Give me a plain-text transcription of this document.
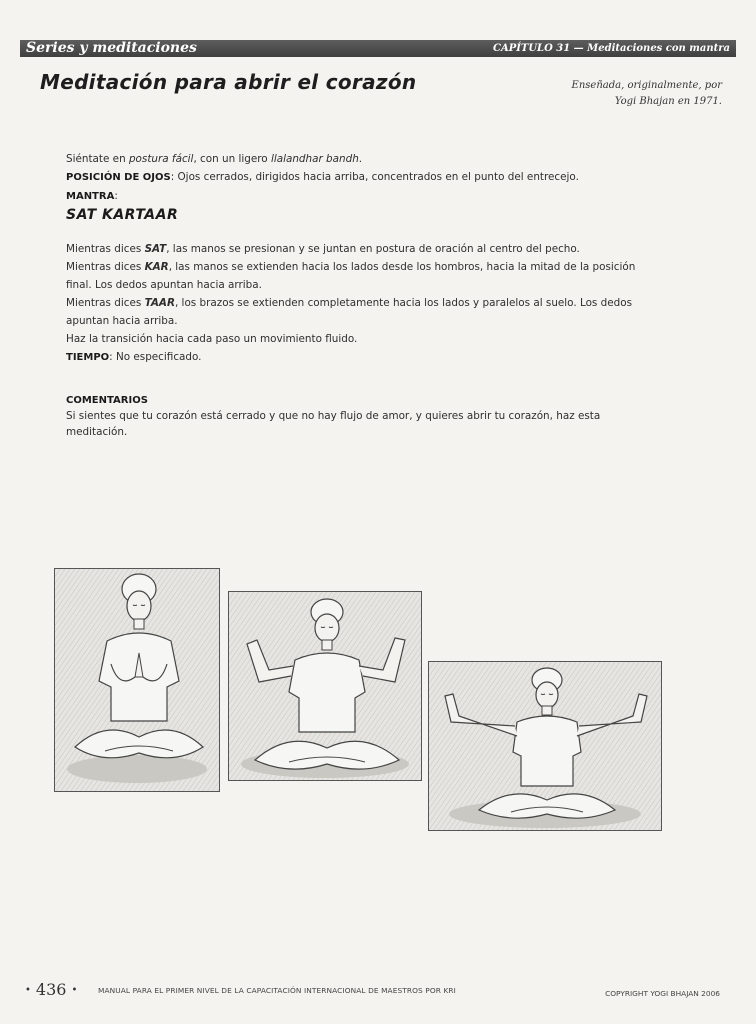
Series y meditaciones	CAPÍTULO 31 — Meditaciones con mantra
Meditación para abrir el corazón	Enseñada, originalmente, por
Yogi Bhajan en 1971.

Siéntate en postura fácil, con un ligero llalandhar bandh.

POSICIÓN DE OJOS: Ojos cerrados, dirigidos hacia arriba, concentrados en el punto del entrecejo.

MANTRA:

SAT KARTAAR

Mientras dices SAT, las manos se presionan y se juntan en postura de oración al centro del pecho.

Mientras dices KAR, las manos se extienden hacia los lados desde los hombros, hacia la mitad de la posición final. Los dedos apuntan hacia arriba.

Mientras dices TAAR, los brazos se extienden completamente hacia los lados y paralelos al suelo. Los dedos apuntan hacia arriba.

Haz la transición hacia cada paso un movimiento fluido.

TIEMPO: No especificado.

COMENTARIOS

Si sientes que tu corazón está cerrado y que no hay flujo de amor, y quieres abrir tu corazón, haz esta meditación.

• 436 •	MANUAL PARA EL PRIMER NIVEL DE LA CAPACITACIÓN INTERNACIONAL DE MAESTROS POR KRI	COPYRIGHT YOGI BHAJAN 2006
